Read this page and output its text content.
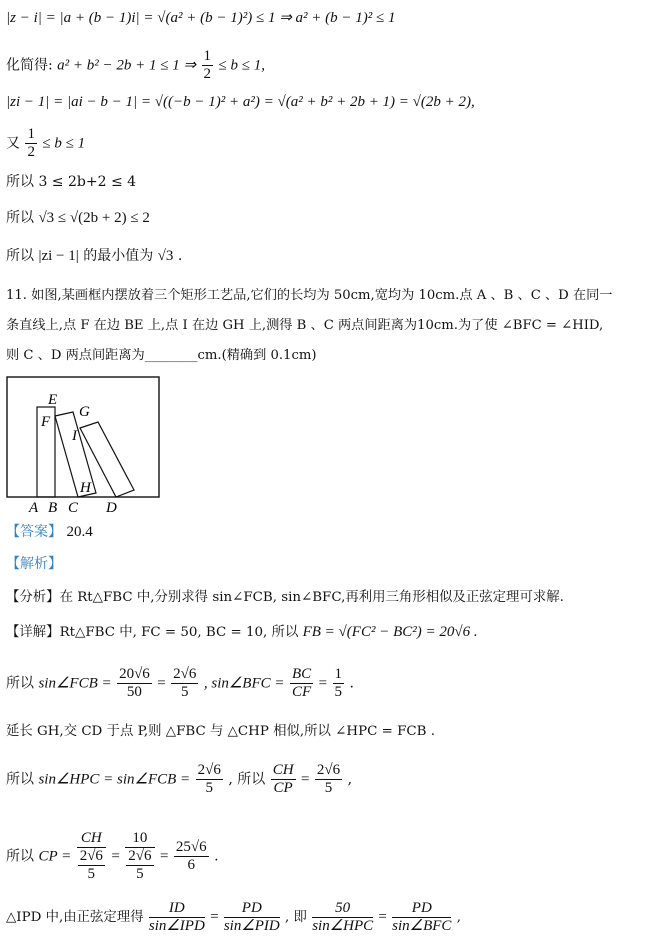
|z − i| = |a + (b − 1)i| = √(a² + (b − 1)²) ≤ 1 ⇒ a² + (b − 1)² ≤ 1
化简得: a² + b² − 2b + 1 ≤ 1 ⇒ $\frac{1}{2} \le b \le 1$,
|zi − 1| = |ai − b − 1| = √((−b − 1)² + a²) = √(a² + b² + 2b + 1) = √(2b + 2),
又 $\frac{1}{2} \le b \le 1$
所以 3 ≤ 2b+2 ≤ 4
所以 √3 ≤ √(2b + 2) ≤ 2
所以 |zi − 1| 的最小值为 √3 .
11. 如图,某画框内摆放着三个矩形工艺品,它们的长均为 50cm,宽均为 10cm.点 A 、B 、C 、D 在同一
条直线上,点 F 在边 BE 上,点 I 在边 GH 上,测得 B 、C 两点间距离为10cm.为了使 ∠BFC = ∠HID,
则 C 、D 两点间距离为________cm.(精确到 0.1cm)
E
F
G
I
H
A B C D
【答案】 20.4
【解析】
【分析】在 Rt△FBC 中,分别求得 sin∠FCB, sin∠BFC,再利用三角形相似及正弦定理可求解.
【详解】Rt△FBC 中, FC = 50, BC = 10, 所以 FB = √(FC² − BC²) = 20√6 .
所以 sin∠FCB = $\frac{20√6}{50} = \frac{2√6}{5}$ , sin∠BFC = $\frac{BC}{CF} = \frac{1}{5}$ .
延长 GH,交 CD 于点 P,则 △FBC 与 △CHP 相似,所以 ∠HPC = FCB .
所以 sin∠HPC = sin∠FCB = $\frac{2√6}{5}$ , 所以 $\frac{CH}{CP} = \frac{2√6}{5}$ ,
所以 CP = $\frac{CH}{\frac{2√6}{5}} = \frac{10}{\frac{2√6}{5}} = \frac{25√6}{6}$ .
△IPD 中,由正弦定理得 $\frac{ID}{\text{sin∠IPD}} = \frac{PD}{\text{sin∠PID}}$ , 即 $\frac{50}{\text{sin∠HPC}} = \frac{PD}{\text{sin∠BFC}}$ ,
